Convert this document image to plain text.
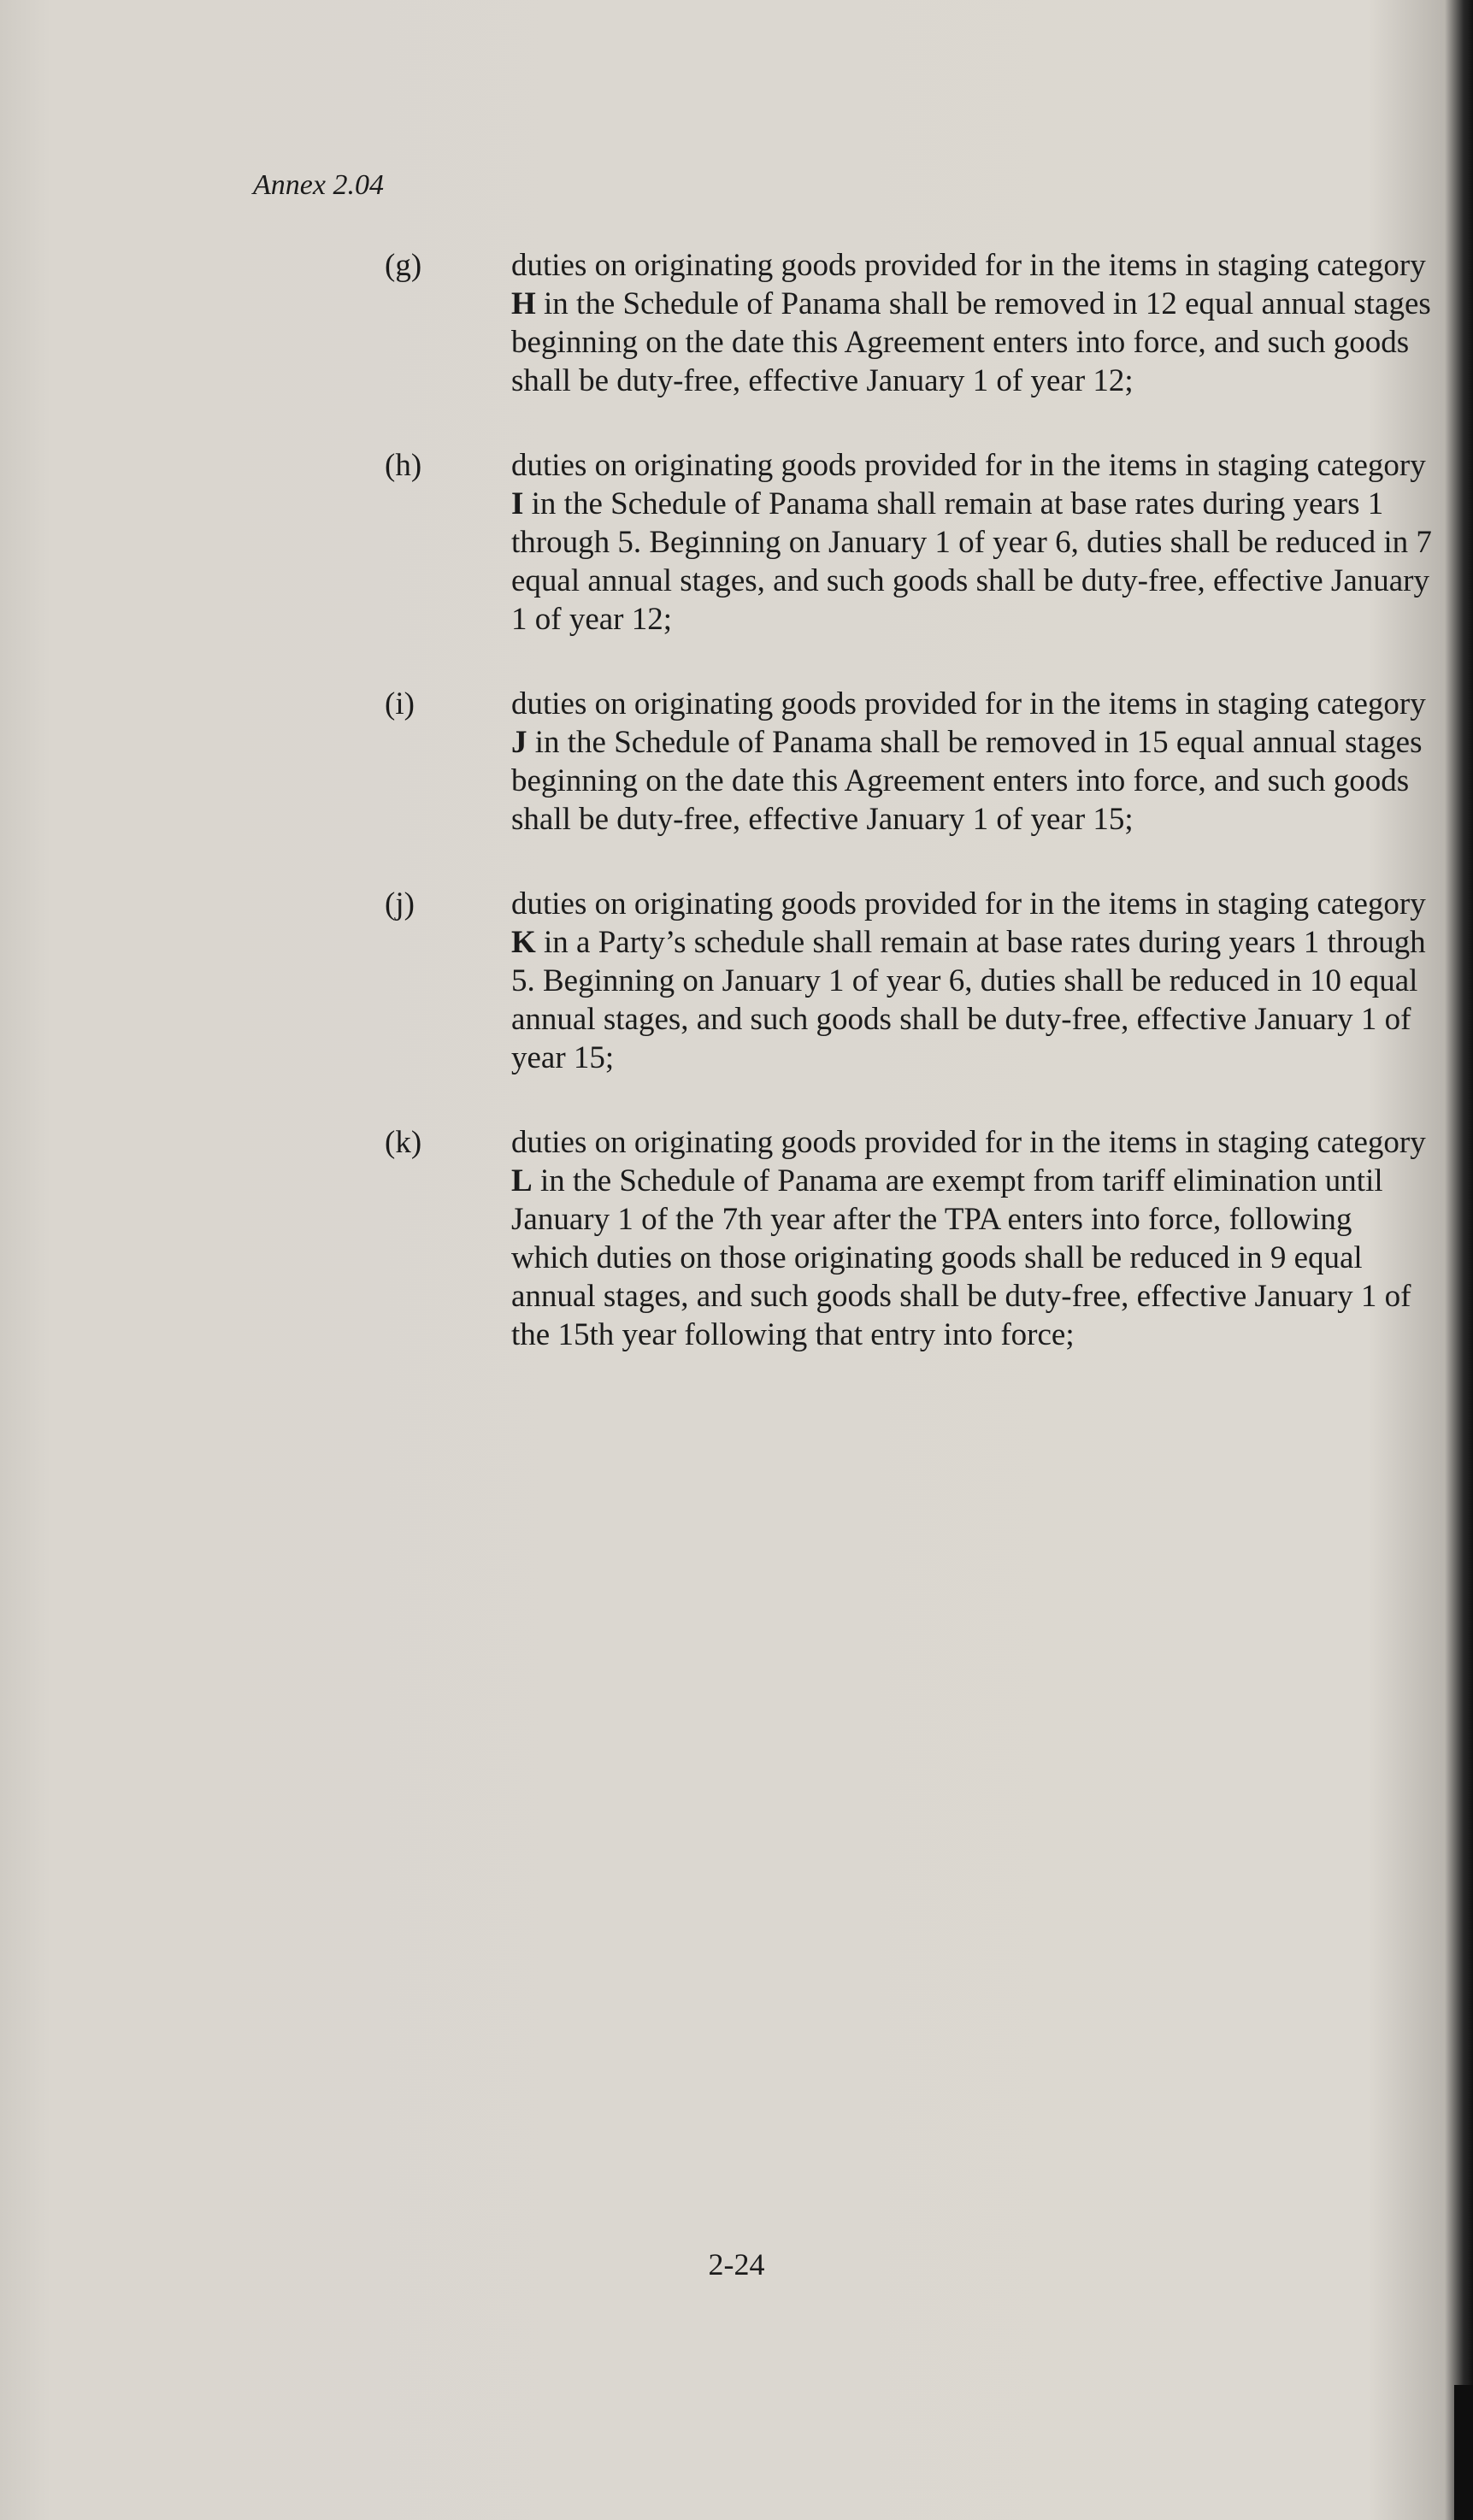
Annex 2.04
(g)	duties on originating goods provided for in the items in staging category H in the Schedule of Panama shall be removed in 12 equal annual stages beginning on the date this Agreement enters into force, and such goods shall be duty-free, effective January 1 of year 12;
(h)	duties on originating goods provided for in the items in staging category I in the Schedule of Panama shall remain at base rates during years 1 through 5. Beginning on January 1 of year 6, duties shall be reduced in 7 equal annual stages, and such goods shall be duty-free, effective January 1 of year 12;
(i)	duties on originating goods provided for in the items in staging category J in the Schedule of Panama shall be removed in 15 equal annual stages beginning on the date this Agreement enters into force, and such goods shall be duty-free, effective January 1 of year 15;
(j)	duties on originating goods provided for in the items in staging category K in a Party’s schedule shall remain at base rates during years 1 through 5. Beginning on January 1 of year 6, duties shall be reduced in 10 equal annual stages, and such goods shall be duty-free, effective January 1 of year 15;
(k)	duties on originating goods provided for in the items in staging category L in the Schedule of Panama are exempt from tariff elimination until January 1 of the 7th year after the TPA enters into force, following which duties on those originating goods shall be reduced in 9 equal annual stages, and such goods shall be duty-free, effective January 1 of the 15th year following that entry into force;
2-24
